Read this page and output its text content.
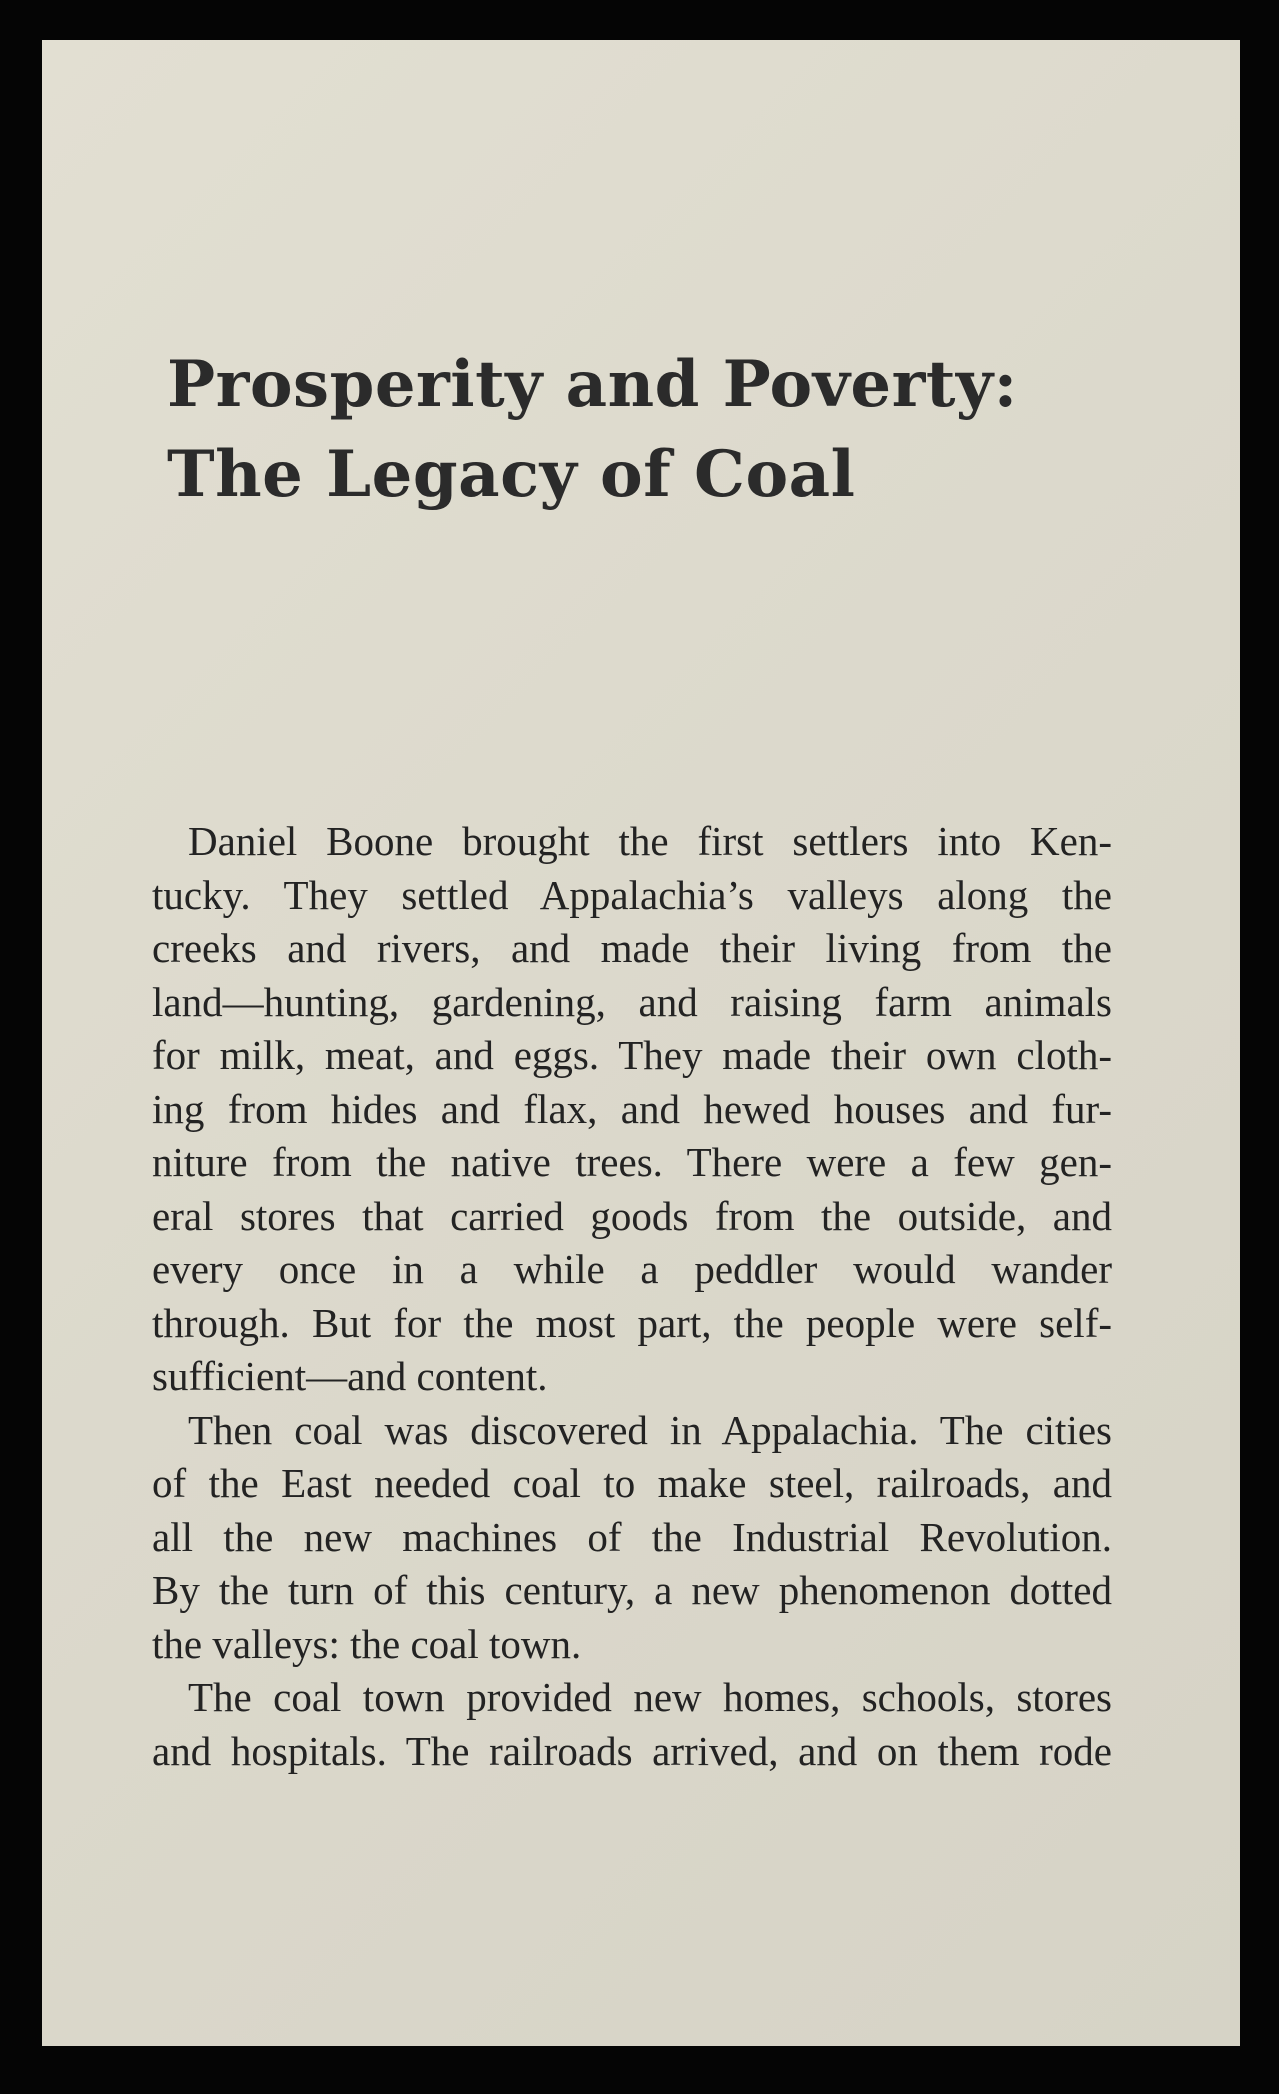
Prosperity and Poverty:
The Legacy of Coal
Daniel Boone brought the first settlers into Ken-
tucky. They settled Appalachia’s valleys along the
creeks and rivers, and made their living from the
land—hunting, gardening, and raising farm animals
for milk, meat, and eggs. They made their own cloth-
ing from hides and flax, and hewed houses and fur-
niture from the native trees. There were a few gen-
eral stores that carried goods from the outside, and
every once in a while a peddler would wander
through. But for the most part, the people were self-
sufficient—and content.
Then coal was discovered in Appalachia. The cities
of the East needed coal to make steel, railroads, and
all the new machines of the Industrial Revolution.
By the turn of this century, a new phenomenon dotted
the valleys: the coal town.
The coal town provided new homes, schools, stores
and hospitals. The railroads arrived, and on them rode
